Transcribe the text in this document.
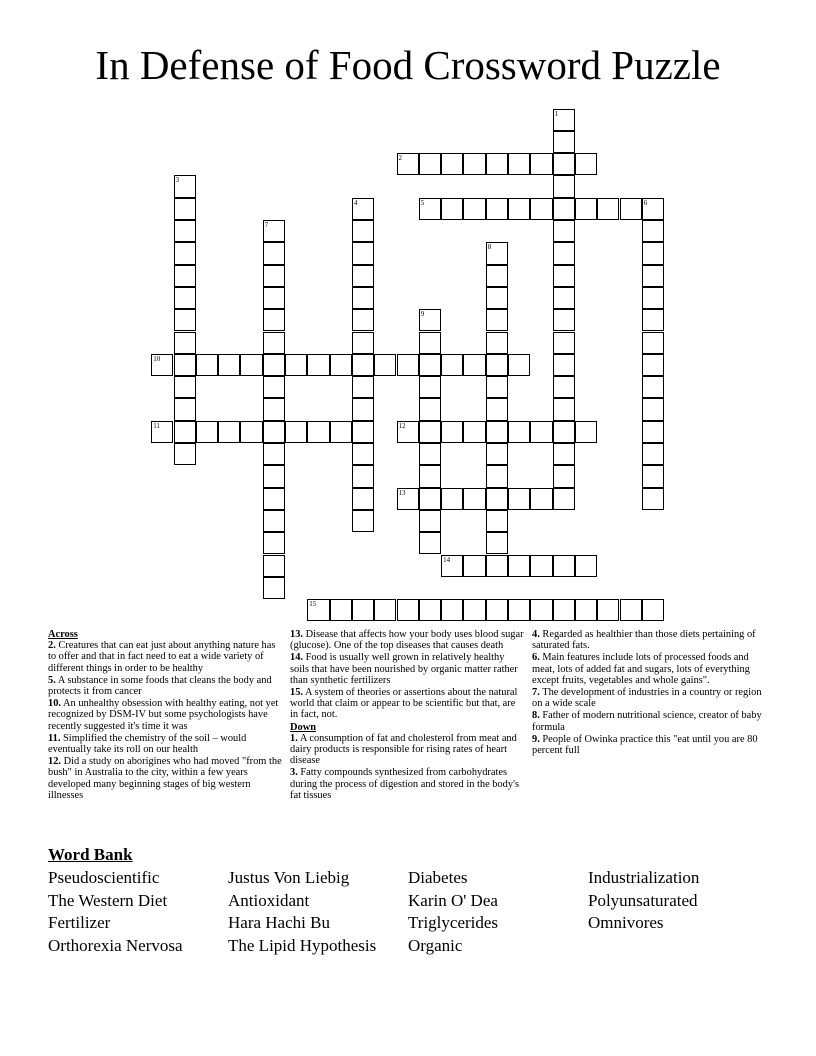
In Defense of Food Crossword Puzzle
1
2
3
4	5	6
7
8
9
10
11	12
13
14
15
Across
2. Creatures that can eat just about anything nature has to offer and that in fact need to eat a wide variety of different things in order to be healthy
5. A substance in some foods that cleans the body and protects it from cancer
10. An unhealthy obsession with healthy eating, not yet recognized by DSM-IV but some psychologists have recently suggested it's time it was
11. Simplified the chemistry of the soil – would eventually take its roll on our health
12. Did a study on aborigines who had moved "from the bush" in Australia to the city, within a few years developed many beginning stages of big western illnesses
13. Disease that affects how your body uses blood sugar (glucose). One of the top diseases that causes death
14. Food is usually well grown in relatively healthy soils that have been nourished by organic matter rather than synthetic fertilizers
15. A system of theories or assertions about the natural world that claim or appear to be scientific but that, are in fact, not.
Down
1. A consumption of fat and cholesterol from meat and dairy products is responsible for rising rates of heart disease
3. Fatty compounds synthesized from carbohydrates during the process of digestion and stored in the body's fat tissues
4. Regarded as healthier than those diets pertaining of saturated fats.
6. Main features include lots of processed foods and meat, lots of added fat and sugars, lots of everything except fruits, vegetables and whole gains".
7. The development of industries in a country or region on a wide scale
8. Father of modern nutritional science, creator of baby formula
9. People of Owinka practice this "eat until you are 80 percent full
Word Bank
Pseudoscientific	Justus Von Liebig	Diabetes	Industrialization
The Western Diet	Antioxidant	Karin O' Dea	Polyunsaturated
Fertilizer	Hara Hachi Bu	Triglycerides	Omnivores
Orthorexia Nervosa	The Lipid Hypothesis	Organic
